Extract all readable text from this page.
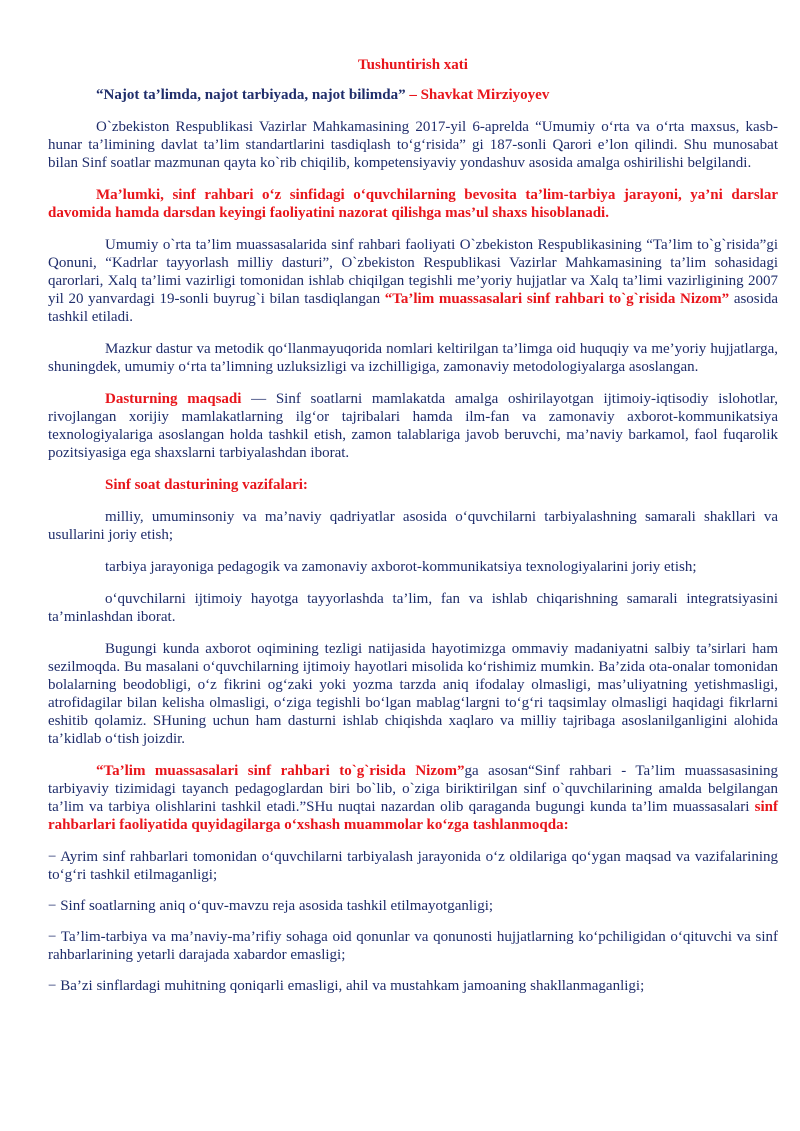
Tushuntirish xati
“Najot ta’limda, najot tarbiyada, najot bilimda” – Shavkat Mirziyoyev

O`zbekiston Respublikasi Vazirlar Mahkamasining 2017-yil 6-aprelda “Umumiy o‘rta va o‘rta maxsus, kasb-hunar ta’limining davlat ta’lim standartlarini tasdiqlash to‘g‘risida” gi 187-sonli Qarori e’lon qilindi. Shu munosabat bilan Sinf soatlar mazmunan qayta ko`rib chiqilib, kompetensiyaviy yondashuv asosida amalga oshirilishi belgilandi.

Ma’lumki, sinf rahbari o‘z sinfidagi o‘quvchilarning bevosita ta’lim-tarbiya jarayoni, ya’ni darslar davomida hamda darsdan keyingi faoliyatini nazorat qilishga mas’ul shaxs hisoblanadi.

Umumiy o`rta ta’lim muassasalarida sinf rahbari faoliyati O`zbekiston Respublikasining “Ta’lim to`g`risida”gi Qonuni, “Kadrlar tayyorlash milliy dasturi”, O`zbekiston Respublikasi Vazirlar Mahkamasining ta’lim sohasidagi qarorlari, Xalq ta’limi vazirligi tomonidan ishlab chiqilgan tegishli me’yoriy hujjatlar va Xalq ta’limi vazirligining 2007 yil 20 yanvardagi 19-sonli buyrug`i bilan tasdiqlangan “Ta’lim muassasalari sinf rahbari to`g`risida Nizom” asosida tashkil etiladi.

Mazkur dastur va metodik qo‘llanmayuqorida nomlari keltirilgan ta’limga oid huquqiy va me’yoriy hujjatlarga, shuningdek, umumiy o‘rta ta’limning uzluksizligi va izchilligiga, zamonaviy metodologiyalarga asoslangan.

Dasturning maqsadi — Sinf soatlarni mamlakatda amalga oshirilayotgan ijtimoiy-iqtisodiy islohotlar, rivojlangan xorijiy mamlakatlarning ilg‘or tajribalari hamda ilm-fan va zamonaviy axborot-kommunikatsiya texnologiyalariga asoslangan holda tashkil etish, zamon talablariga javob beruvchi, ma’naviy barkamol, faol fuqarolik pozitsiyasiga ega shaxslarni tarbiyalashdan iborat.

Sinf soat dasturining vazifalari:

milliy, umuminsoniy va ma’naviy qadriyatlar asosida o‘quvchilarni tarbiyalashning samarali shakllari va usullarini joriy etish;

tarbiya jarayoniga pedagogik va zamonaviy axborot-kommunikatsiya texnologiyalarini joriy etish;

o‘quvchilarni ijtimoiy hayotga tayyorlashda ta’lim, fan va ishlab chiqarishning samarali integratsiyasini ta’minlashdan iborat.

Bugungi kunda axborot oqimining tezligi natijasida hayotimizga ommaviy madaniyatni salbiy ta’sirlari ham sezilmoqda. Bu masalani o‘quvchilarning ijtimoiy hayotlari misolida ko‘rishimiz mumkin. Ba’zida ota-onalar tomonidan bolalarning beodobligi, o‘z fikrini og‘zaki yoki yozma tarzda aniq ifodalay olmasligi, mas’uliyatning yetishmasligi, atrofidagilar bilan kelisha olmasligi, o‘ziga tegishli bo‘lgan mablag‘largni to‘g‘ri taqsimlay olmasligi haqidagi fikrlarni eshitib qolamiz. SHuning uchun ham dasturni ishlab chiqishda xaqlaro va milliy tajribaga asoslanilganligini alohida ta’kidlab o‘tish joizdir.

“Ta’lim muassasalari sinf rahbari to`g`risida Nizom”ga asosan“Sinf rahbari - Ta’lim muassasasining tarbiyaviy tizimidagi tayanch pedagoglardan biri bo`lib, o`ziga biriktirilgan sinf o`quvchilarining amalda belgilangan ta’lim va tarbiya olishlarini tashkil etadi.”SHu nuqtai nazardan olib qaraganda bugungi kunda ta’lim muassasalari sinf rahbarlari faoliyatida quyidagilarga o‘xshash muammolar ko‘zga tashlanmoqda:

− Ayrim sinf rahbarlari tomonidan o‘quvchilarni tarbiyalash jarayonida o‘z oldilariga qo‘ygan maqsad va vazifalarining to‘g‘ri tashkil etilmaganligi;

− Sinf soatlarning aniq o‘quv-mavzu reja asosida tashkil etilmayotganligi;

− Ta’lim-tarbiya va ma’naviy-ma’rifiy sohaga oid qonunlar va qonunosti hujjatlarning ko‘pchiligidan o‘qituvchi va sinf rahbarlarining yetarli darajada xabardor emasligi;

− Ba’zi sinflardagi muhitning qoniqarli emasligi, ahil va mustahkam jamoaning shakllanmaganligi;
